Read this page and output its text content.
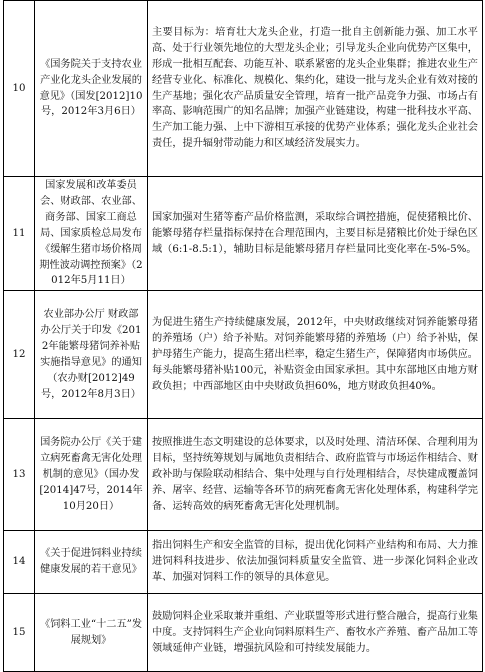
10	《国务院关于支持农业产业化龙头企业发展的意见》（国发[2012]10号，2012年3月6日）	主要目标为：培育壮大龙头企业，打造一批自主创新能力强、加工水平高、处于行业领先地位的大型龙头企业；引导龙头企业向优势产区集中，形成一批相互配套、功能互补、联系紧密的龙头企业集群；推进农业生产经营专业化、标准化、规模化、集约化，建设一批与龙头企业有效对接的生产基地；强化农产品质量安全管理，培育一批产品竞争力强、市场占有率高、影响范围广的知名品牌；加强产业链建设，构建一批科技水平高、生产加工能力强、上中下游相互承接的优势产业体系；强化龙头企业社会责任，提升辐射带动能力和区域经济发展实力。
11	国家发展和改革委员会、财政部、农业部、商务部、国家工商总局、国家质检总局发布《缓解生猪市场价格周期性波动调控预案》（2012年5月11日）	国家加强对生猪等畜产品价格监测，采取综合调控措施，促使猪粮比价、能繁母猪存栏量指标保持在合理范围内，主要目标是猪粮比价处于绿色区域（6:1-8.5:1），辅助目标是能繁母猪月存栏量同比变化率在-5%-5%。
12	农业部办公厅 财政部办公厅关于印发《2012年能繁母猪饲养补贴实施指导意见》的通知（农办财[2012]49号，2012年8月3日）	为促进生猪生产持续健康发展，2012年，中央财政继续对饲养能繁母猪的养殖场（户）给予补贴。对饲养能繁母猪的养殖场（户）给予补贴，保护母猪生产能力，提高生猪出栏率，稳定生猪生产，保障猪肉市场供应。每头能繁母猪补贴100元，补贴资金由国家承担。其中东部地区由地方财政负担；中西部地区由中央财政负担60%，地方财政负担40%。
13	国务院办公厅《关于建立病死畜禽无害化处理机制的意见》（国办发[2014]47号，2014年10月20日）	按照推进生态文明建设的总体要求，以及时处理、清洁环保、合理利用为目标，坚持统筹规划与属地负责相结合、政府监管与市场运作相结合、财政补助与保险联动相结合、集中处理与自行处理相结合，尽快建成覆盖饲养、屠宰、经营、运输等各环节的病死畜禽无害化处理体系，构建科学完备、运转高效的病死畜禽无害化处理机制。
14	《关于促进饲料业持续健康发展的若干意见》	指出饲料生产和安全监管的目标，提出优化饲料产业结构和布局、大力推进饲料科技进步、依法加强饲料质量安全监管、进一步深化饲料企业改革、加强对饲料工作的领导的具体意见。
15	《饲料工业“十二五”发展规划》	鼓励饲料企业采取兼并重组、产业联盟等形式进行整合融合，提高行业集中度。支持饲料生产企业向饲料原料生产、畜牧水产养殖、畜产品加工等领域延伸产业链，增强抗风险和可持续发展能力。
